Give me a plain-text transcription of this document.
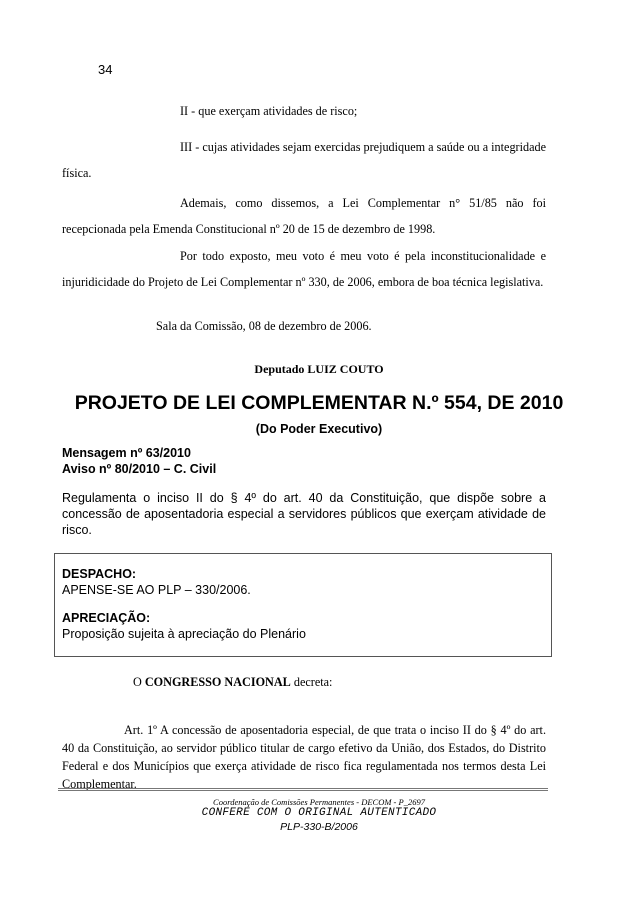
34
II - que exerçam atividades de risco;
III - cujas atividades sejam exercidas prejudiquem a saúde ou a integridade física.
Ademais, como dissemos, a Lei Complementar n° 51/85 não foi recepcionada pela Emenda Constitucional nº 20 de 15 de dezembro de 1998.
Por todo exposto, meu voto é meu voto é pela inconstitucionalidade e injuridicidade do Projeto de Lei Complementar nº 330, de 2006, embora de boa técnica legislativa.
Sala da Comissão, 08 de dezembro de 2006.
Deputado LUIZ COUTO
PROJETO DE LEI COMPLEMENTAR N.º 554, DE 2010
(Do Poder Executivo)
Mensagem nº 63/2010
Aviso nº 80/2010 – C. Civil
Regulamenta o inciso II do § 4º do art. 40 da Constituição, que dispõe sobre a concessão de aposentadoria especial a servidores públicos que exerçam atividade de risco.
DESPACHO:
APENSE-SE AO PLP – 330/2006.
APRECIAÇÃO:
Proposição sujeita à apreciação do Plenário
O CONGRESSO NACIONAL decreta:
Art. 1º A concessão de aposentadoria especial, de que trata o inciso II do § 4º do art. 40 da Constituição, ao servidor público titular de cargo efetivo da União, dos Estados, do Distrito Federal e dos Municípios que exerça atividade de risco fica regulamentada nos termos desta Lei Complementar.
Coordenação de Comissões Permanentes - DECOM - P_2697
CONFERE COM O ORIGINAL AUTENTICADO
PLP-330-B/2006
